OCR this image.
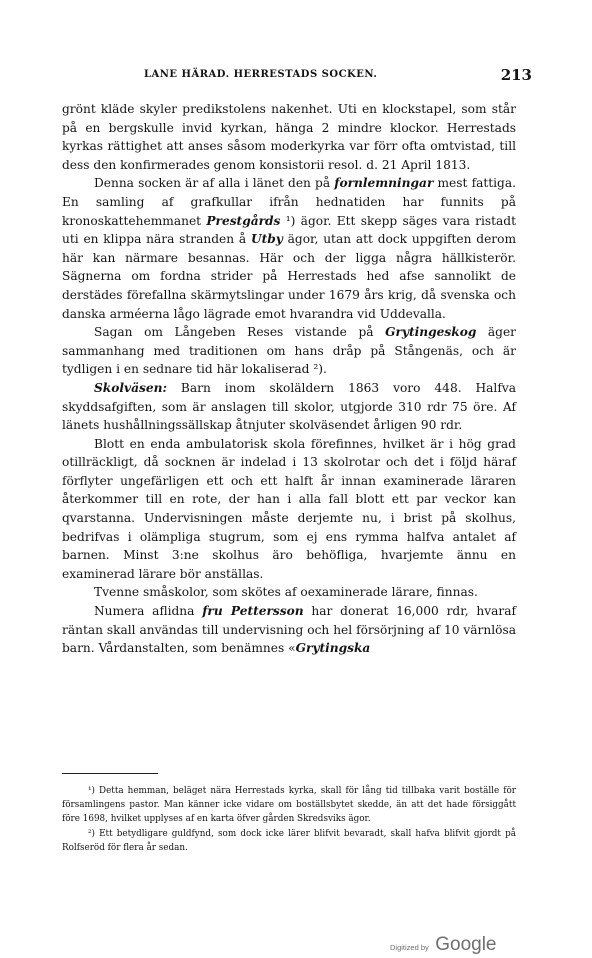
LANE HÄRAD. HERRESTADS SOCKEN.	213

grönt kläde skyler predikstolens nakenhet. Uti en klockstapel, som står på en bergskulle invid kyrkan, hänga 2 mindre klockor. Herrestads kyrkas rättighet att anses såsom moderkyrka var förr ofta omtvistad, till dess den konfirmerades genom konsistorii resol. d. 21 April 1813.

Denna socken är af alla i länet den på fornlemningar mest fattiga. En samling af grafkullar ifrån hednatiden har funnits på kronoskattehemmanet Prestgårds ¹) ägor. Ett skepp säges vara ristadt uti en klippa nära stranden å Utby ägor, utan att dock uppgiften derom här kan närmare besannas. Här och der ligga några hällkisterör. Sägnerna om fordna strider på Herrestads hed afse sannolikt de derstädes förefallna skärmytslingar under 1679 års krig, då svenska och danska arméerna lågo lägrade emot hvarandra vid Uddevalla.

Sagan om Långeben Reses vistande på Grytingeskog äger sammanhang med traditionen om hans dråp på Stångenäs, och är tydligen i en sednare tid här lokaliserad ²).

Skolväsen: Barn inom skoläldern 1863 voro 448. Halfva skyddsafgiften, som är anslagen till skolor, utgjorde 310 rdr 75 öre. Af länets hushållningssällskap åtnjuter skolväsendet årligen 90 rdr.

Blott en enda ambulatorisk skola förefinnes, hvilket är i hög grad otillräckligt, då socknen är indelad i 13 skolrotar och det i följd häraf förflyter ungefärligen ett och ett halft år innan examinerade läraren återkommer till en rote, der han i alla fall blott ett par veckor kan qvarstanna. Undervisningen måste derjemte nu, i brist på skolhus, bedrifvas i olämpliga stugrum, som ej ens rymma halfva antalet af barnen. Minst 3:ne skolhus äro behöfliga, hvarjemte ännu en examinerad lärare bör anställas.

Tvenne småskolor, som skötes af oexaminerade lärare, finnas.

Numera aflidna fru Pettersson har donerat 16,000 rdr, hvaraf räntan skall användas till undervisning och hel försörjning af 10 värnlösa barn. Vårdanstalten, som benämnes «Grytingska

¹) Detta hemman, beläget nära Herrestads kyrka, skall för lång tid tillbaka varit boställe för församlingens pastor. Man känner icke vidare om boställsbytet skedde, än att det hade försiggått före 1698, hvilket upplyses af en karta öfver gården Skredsviks ägor.

²) Ett betydligare guldfynd, som dock icke lärer blifvit bevaradt, skall hafva blifvit gjordt på Rolfseröd för flera år sedan.

Digitized by Google
